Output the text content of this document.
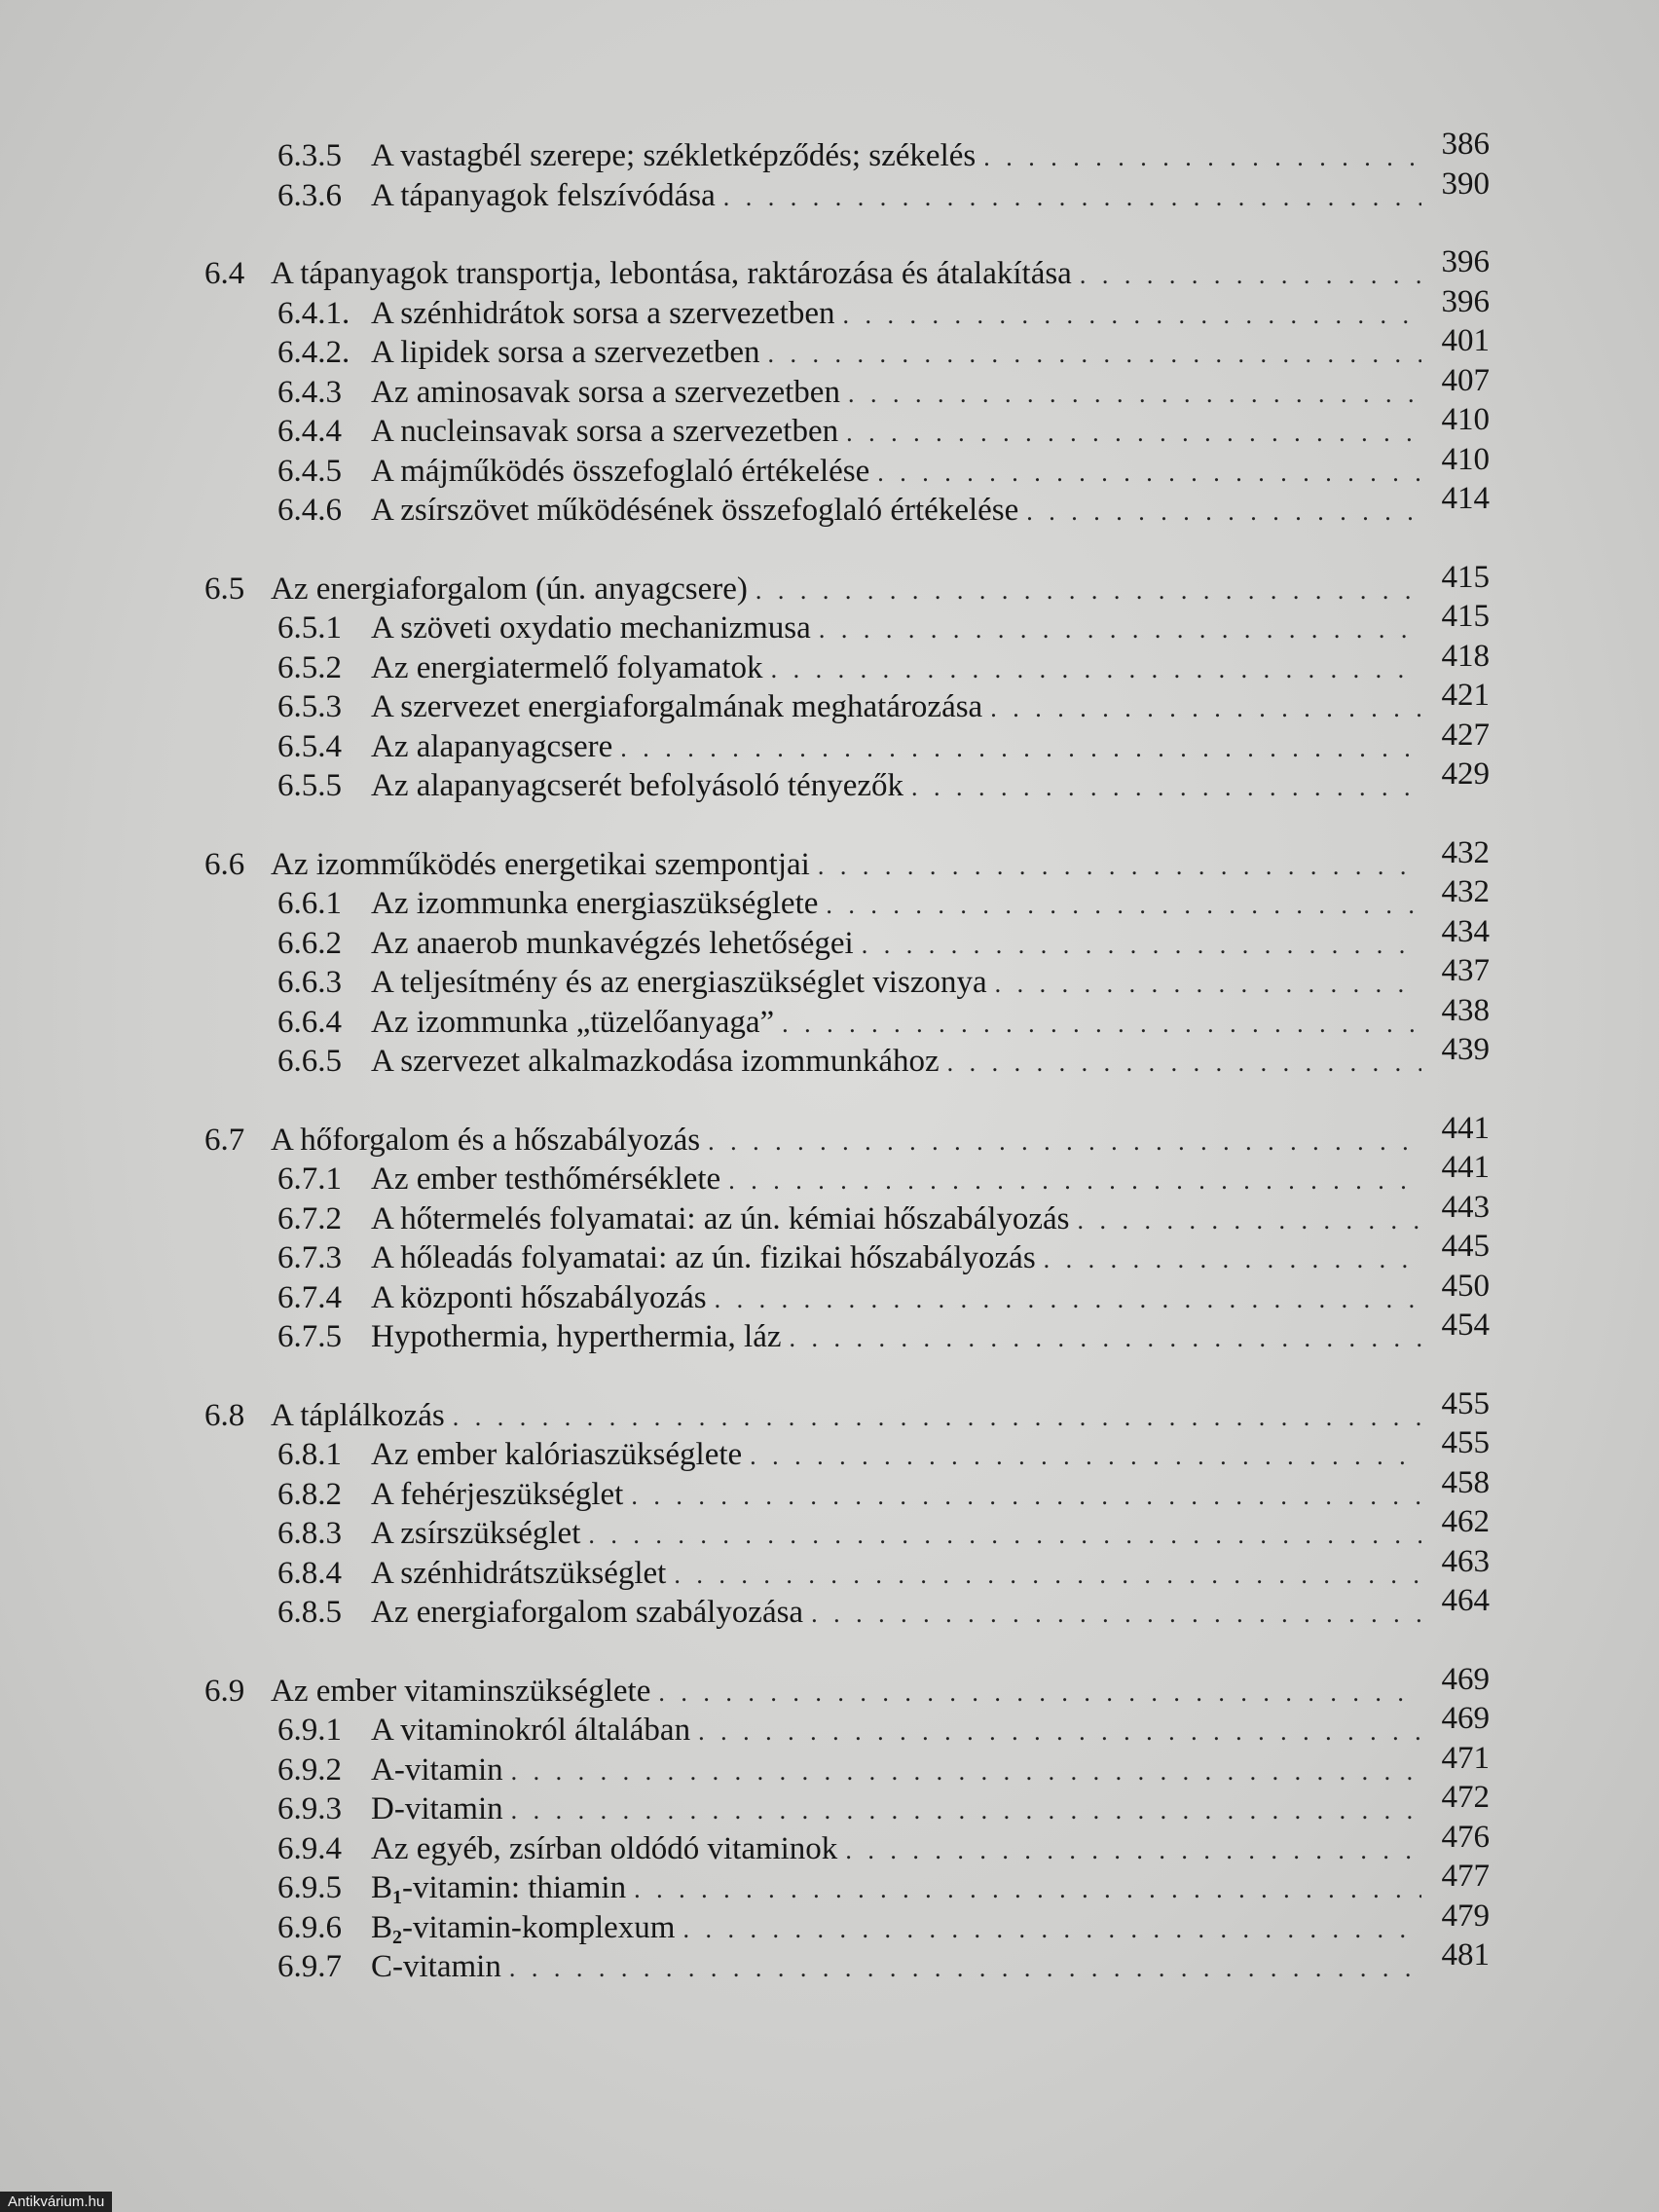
6.3.5 A vastagbél szerepe; székletképződés; székelés . . .	386
6.3.6 A tápanyagok felszívódása . . .	390
6.4 A tápanyagok transportja, lebontása, raktározása és átalakítása . . .	396
6.4.1. A szénhidrátok sorsa a szervezetben . . .	396
6.4.2. A lipidek sorsa a szervezetben . . .	401
6.4.3 Az aminosavak sorsa a szervezetben . . .	407
6.4.4 A nucleinsavak sorsa a szervezetben . . .	410
6.4.5 A májműködés összefoglaló értékelése . . .	410
6.4.6 A zsírszövet működésének összefoglaló értékelése . . .	414
6.5 Az energiaforgalom (ún. anyagcsere) . . .	415
6.5.1 A szöveti oxydatio mechanizmusa . . .	415
6.5.2 Az energiatermelő folyamatok . . .	418
6.5.3 A szervezet energiaforgalmának meghatározása . . .	421
6.5.4 Az alapanyagcsere . . .	427
6.5.5 Az alapanyagcserét befolyásoló tényezők . . .	429
6.6 Az izomműködés energetikai szempontjai . . .	432
6.6.1 Az izommunka energiaszükséglete . . .	432
6.6.2 Az anaerob munkavégzés lehetőségei . . .	434
6.6.3 A teljesítmény és az energiaszükséglet viszonya . . .	437
6.6.4 Az izommunka „tüzelőanyaga” . . .	438
6.6.5 A szervezet alkalmazkodása izommunkához . . .	439
6.7 A hőforgalom és a hőszabályozás . . .	441
6.7.1 Az ember testhőmérséklete . . .	441
6.7.2 A hőtermelés folyamatai: az ún. kémiai hőszabályozás . . .	443
6.7.3 A hőleadás folyamatai: az ún. fizikai hőszabályozás . . .	445
6.7.4 A központi hőszabályozás . . .	450
6.7.5 Hypothermia, hyperthermia, láz . . .	454
6.8 A táplálkozás . . .	455
6.8.1 Az ember kalóriaszükséglete . . .	455
6.8.2 A fehérjeszükséglet . . .	458
6.8.3 A zsírszükséglet . . .	462
6.8.4 A szénhidrátszükséglet . . .	463
6.8.5 Az energiaforgalom szabályozása . . .	464
6.9 Az ember vitaminszükséglete . . .	469
6.9.1 A vitaminokról általában . . .	469
6.9.2 A-vitamin . . .	471
6.9.3 D-vitamin . . .	472
6.9.4 Az egyéb, zsírban oldódó vitaminok . . .	476
6.9.5 $B_1$-vitamin: thiamin . . .	477
6.9.6 $B_2-vitamin$-komplexum . . .	479
6.9.7 C-vitamin . . .	481
Antikvárium.hu
